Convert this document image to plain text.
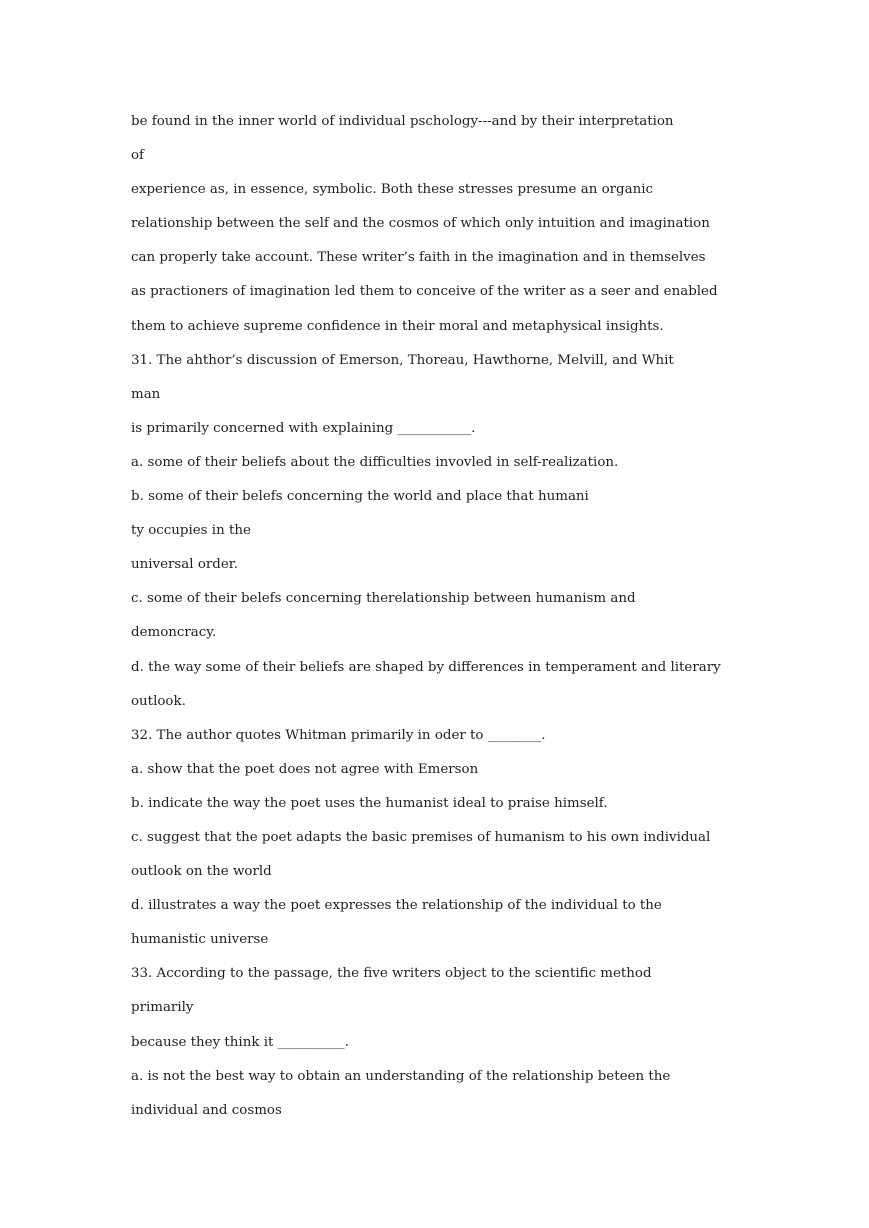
be found in the inner world of individual pschology---and by their interpretation
of
experience as, in essence, symbolic. Both these stresses presume an organic
relationship between the self and the cosmos of which only intuition and imagination
can properly take account. These writer’s faith in the imagination and in themselves
as practioners of imagination led them to conceive of the writer as a seer and enabled
them to achieve supreme confidence in their moral and metaphysical insights.
31. The ahthor’s discussion of Emerson, Thoreau, Hawthorne, Melvill, and Whit
man
is primarily concerned with explaining ___________.
a. some of their beliefs about the difficulties invovled in self-realization.
b. some of their belefs concerning the world and place that humani
ty occupies in the
universal order.
c. some of their belefs concerning therelationship between humanism and
demoncracy.
d. the way some of their beliefs are shaped by differences in temperament and literary
outlook.
32. The author quotes Whitman primarily in oder to ________.
a. show that the poet does not agree with Emerson
b. indicate the way the poet uses the humanist ideal to praise himself.
c. suggest that the poet adapts the basic premises of humanism to his own individual
outlook on the world
d. illustrates a way the poet expresses the relationship of the individual to the
humanistic universe
33. According to the passage, the five writers object to the scientific method
primarily
because they think it __________.
a. is not the best way to obtain an understanding of the relationship beteen the
individual and cosmos
